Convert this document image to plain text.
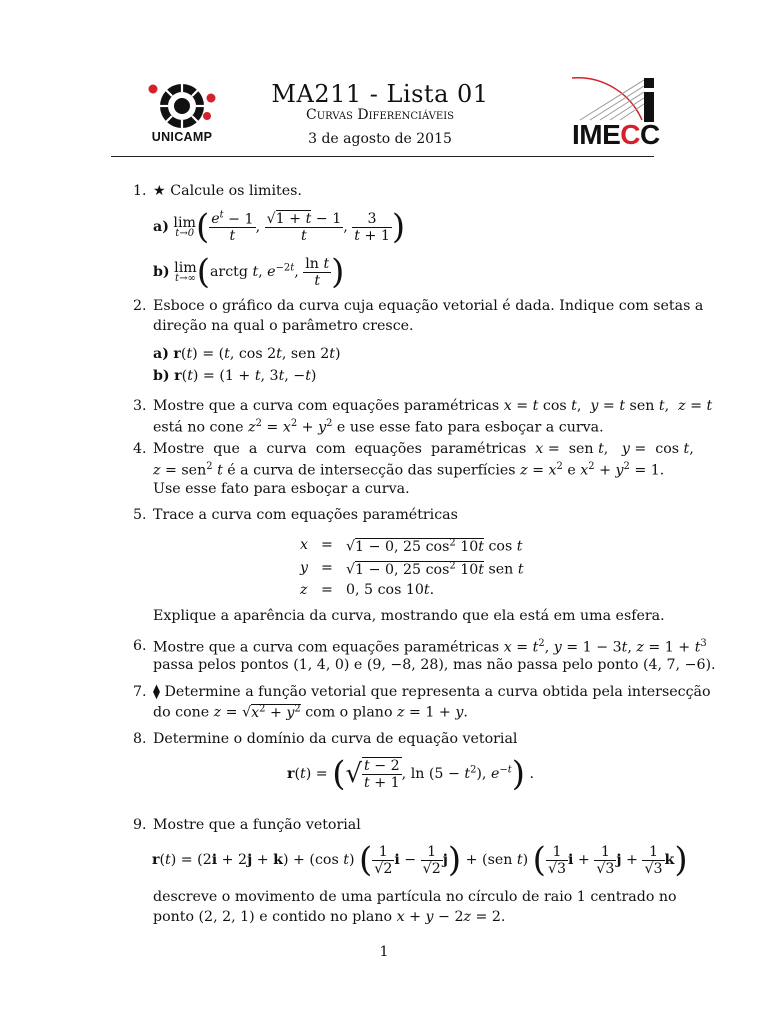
UNICAMP	IMECC
MA211 - Lista 01
Curvas Diferenciáveis
3 de agosto de 2015
1. ★ Calcule os limites.
a) lim
t→0 ( $\frac{e^t - 1}{t}$ , $\frac{√1 + t - 1}{t}$ , $\frac{3}{t + 1}$ )
b) lim
t→∞ (arctg t, $e^{-2t}$, $\frac{\text{ln t}}{t}$ )
2. Esboce o gráfico da curva cuja equação vetorial é dada. Indique com setas a
direção na qual o parâmetro cresce.
a) r(t) = (t, cos 2t, sen 2t)
b) r(t) = (1 + t, 3t, −t)
3. Mostre que a curva com equações paramétricas x = t cos t,  y = t sen t,  z = t
está no cone $z^2 = x^2 + y^2$ e use esse fato para esboçar a curva.
4. Mostre  que  a  curva  com  equações  paramétricas  x =  sen t,   y =  cos t,
z = sen$^2$ t é a curva de intersecção das superfícies $z = x^2$ e $x^2 + y^2 = 1$.
Use esse fato para esboçar a curva.
5. Trace a curva com equações paramétricas
x = √1 − 0, 25 $\cos^2 10t$ cos t
y = √1 − 0, 25 $\cos^2 10t$ sen t
z = 0, 5 cos 10t.
Explique a aparência da curva, mostrando que ela está em uma esfera.
6. Mostre que a curva com equações paramétricas $x = t^2$, y = 1 − 3t, $z = 1 + t^3$
passa pelos pontos (1, 4, 0) e (9, −8, 28), mas não passa pelo ponto (4, 7, −6).
7. ⧫ Determine a função vetorial que representa a curva obtida pela intersecção
do cone $z = √x^2 + y^2$ com o plano z = 1 + y.
8. Determine o domínio da curva de equação vetorial
r(t) = (√ $\frac{t - 2}{t + 1}$ , $\ln (5 - t^2)$, $e^{-t}$) .
9. Mostre que a função vetorial
r(t) = (2i + 2j + k) + (cos t) ( $\frac{1}{√2}$ $i - \frac{1}{√2} j) + (sen$ t) ( $\frac{1}{√3}$ $i + \frac{1}{√3}$ $j + \frac{1}{√3} k$)
descreve o movimento de uma partícula no círculo de raio 1 centrado no
ponto (2, 2, 1) e contido no plano x + y − 2z = 2.
1
